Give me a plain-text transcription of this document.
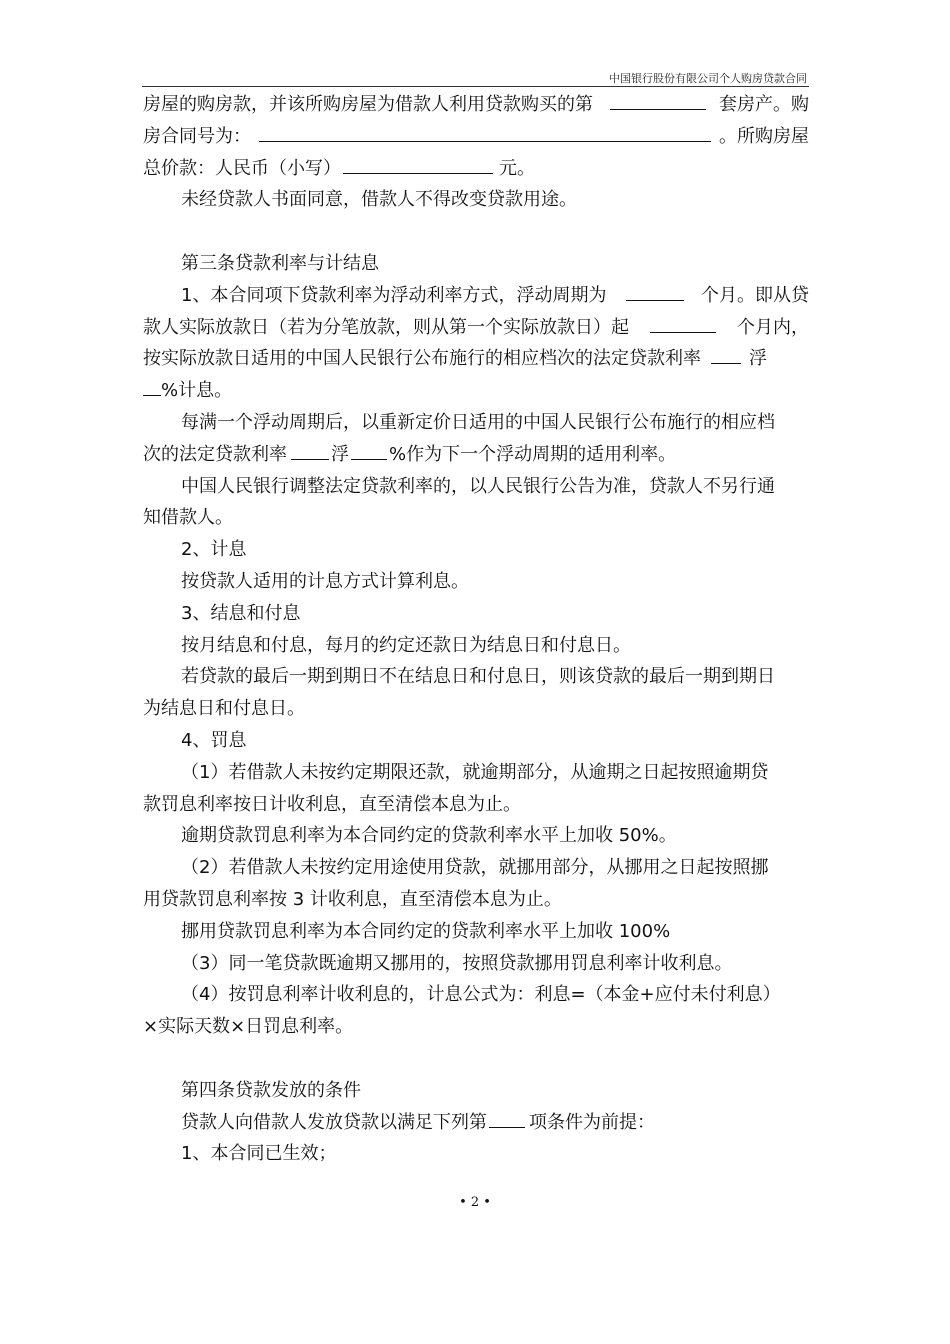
中国银行股份有限公司个人购房贷款合同
房屋的购房款，并该所购房屋为借款人利用贷款购买的第	套房产。购
房合同号为：	。所购房屋
总价款：人民币（小写）	元。
未经贷款人书面同意，借款人不得改变贷款用途。
第三条贷款利率与计结息
1、本合同项下贷款利率为浮动利率方式，浮动周期为	个月。即从贷
款人实际放款日（若为分笔放款，则从第一个实际放款日）起	个月内，
按实际放款日适用的中国人民银行公布施行的相应档次的法定贷款利率	浮
%计息。
每满一个浮动周期后，以重新定价日适用的中国人民银行公布施行的相应档
次的法定贷款利率 浮 %作为下一个浮动周期的适用利率。
中国人民银行调整法定贷款利率的，以人民银行公告为准，贷款人不另行通
知借款人。
2、计息
按贷款人适用的计息方式计算利息。
3、结息和付息
按月结息和付息，每月的约定还款日为结息日和付息日。
若贷款的最后一期到期日不在结息日和付息日，则该贷款的最后一期到期日
为结息日和付息日。
4、罚息
（1）若借款人未按约定期限还款，就逾期部分，从逾期之日起按照逾期贷
款罚息利率按日计收利息，直至清偿本息为止。
逾期贷款罚息利率为本合同约定的贷款利率水平上加收 50%。
（2）若借款人未按约定用途使用贷款，就挪用部分，从挪用之日起按照挪
用贷款罚息利率按 3 计收利息，直至清偿本息为止。
挪用贷款罚息利率为本合同约定的贷款利率水平上加收 100%
（3）同一笔贷款既逾期又挪用的，按照贷款挪用罚息利率计收利息。
（4）按罚息利率计收利息的，计息公式为：利息=（本金+应付未付利息）
×实际天数×日罚息利率。
第四条贷款发放的条件
贷款人向借款人发放贷款以满足下列第 项条件为前提：
1、本合同已生效；
• 2 •
